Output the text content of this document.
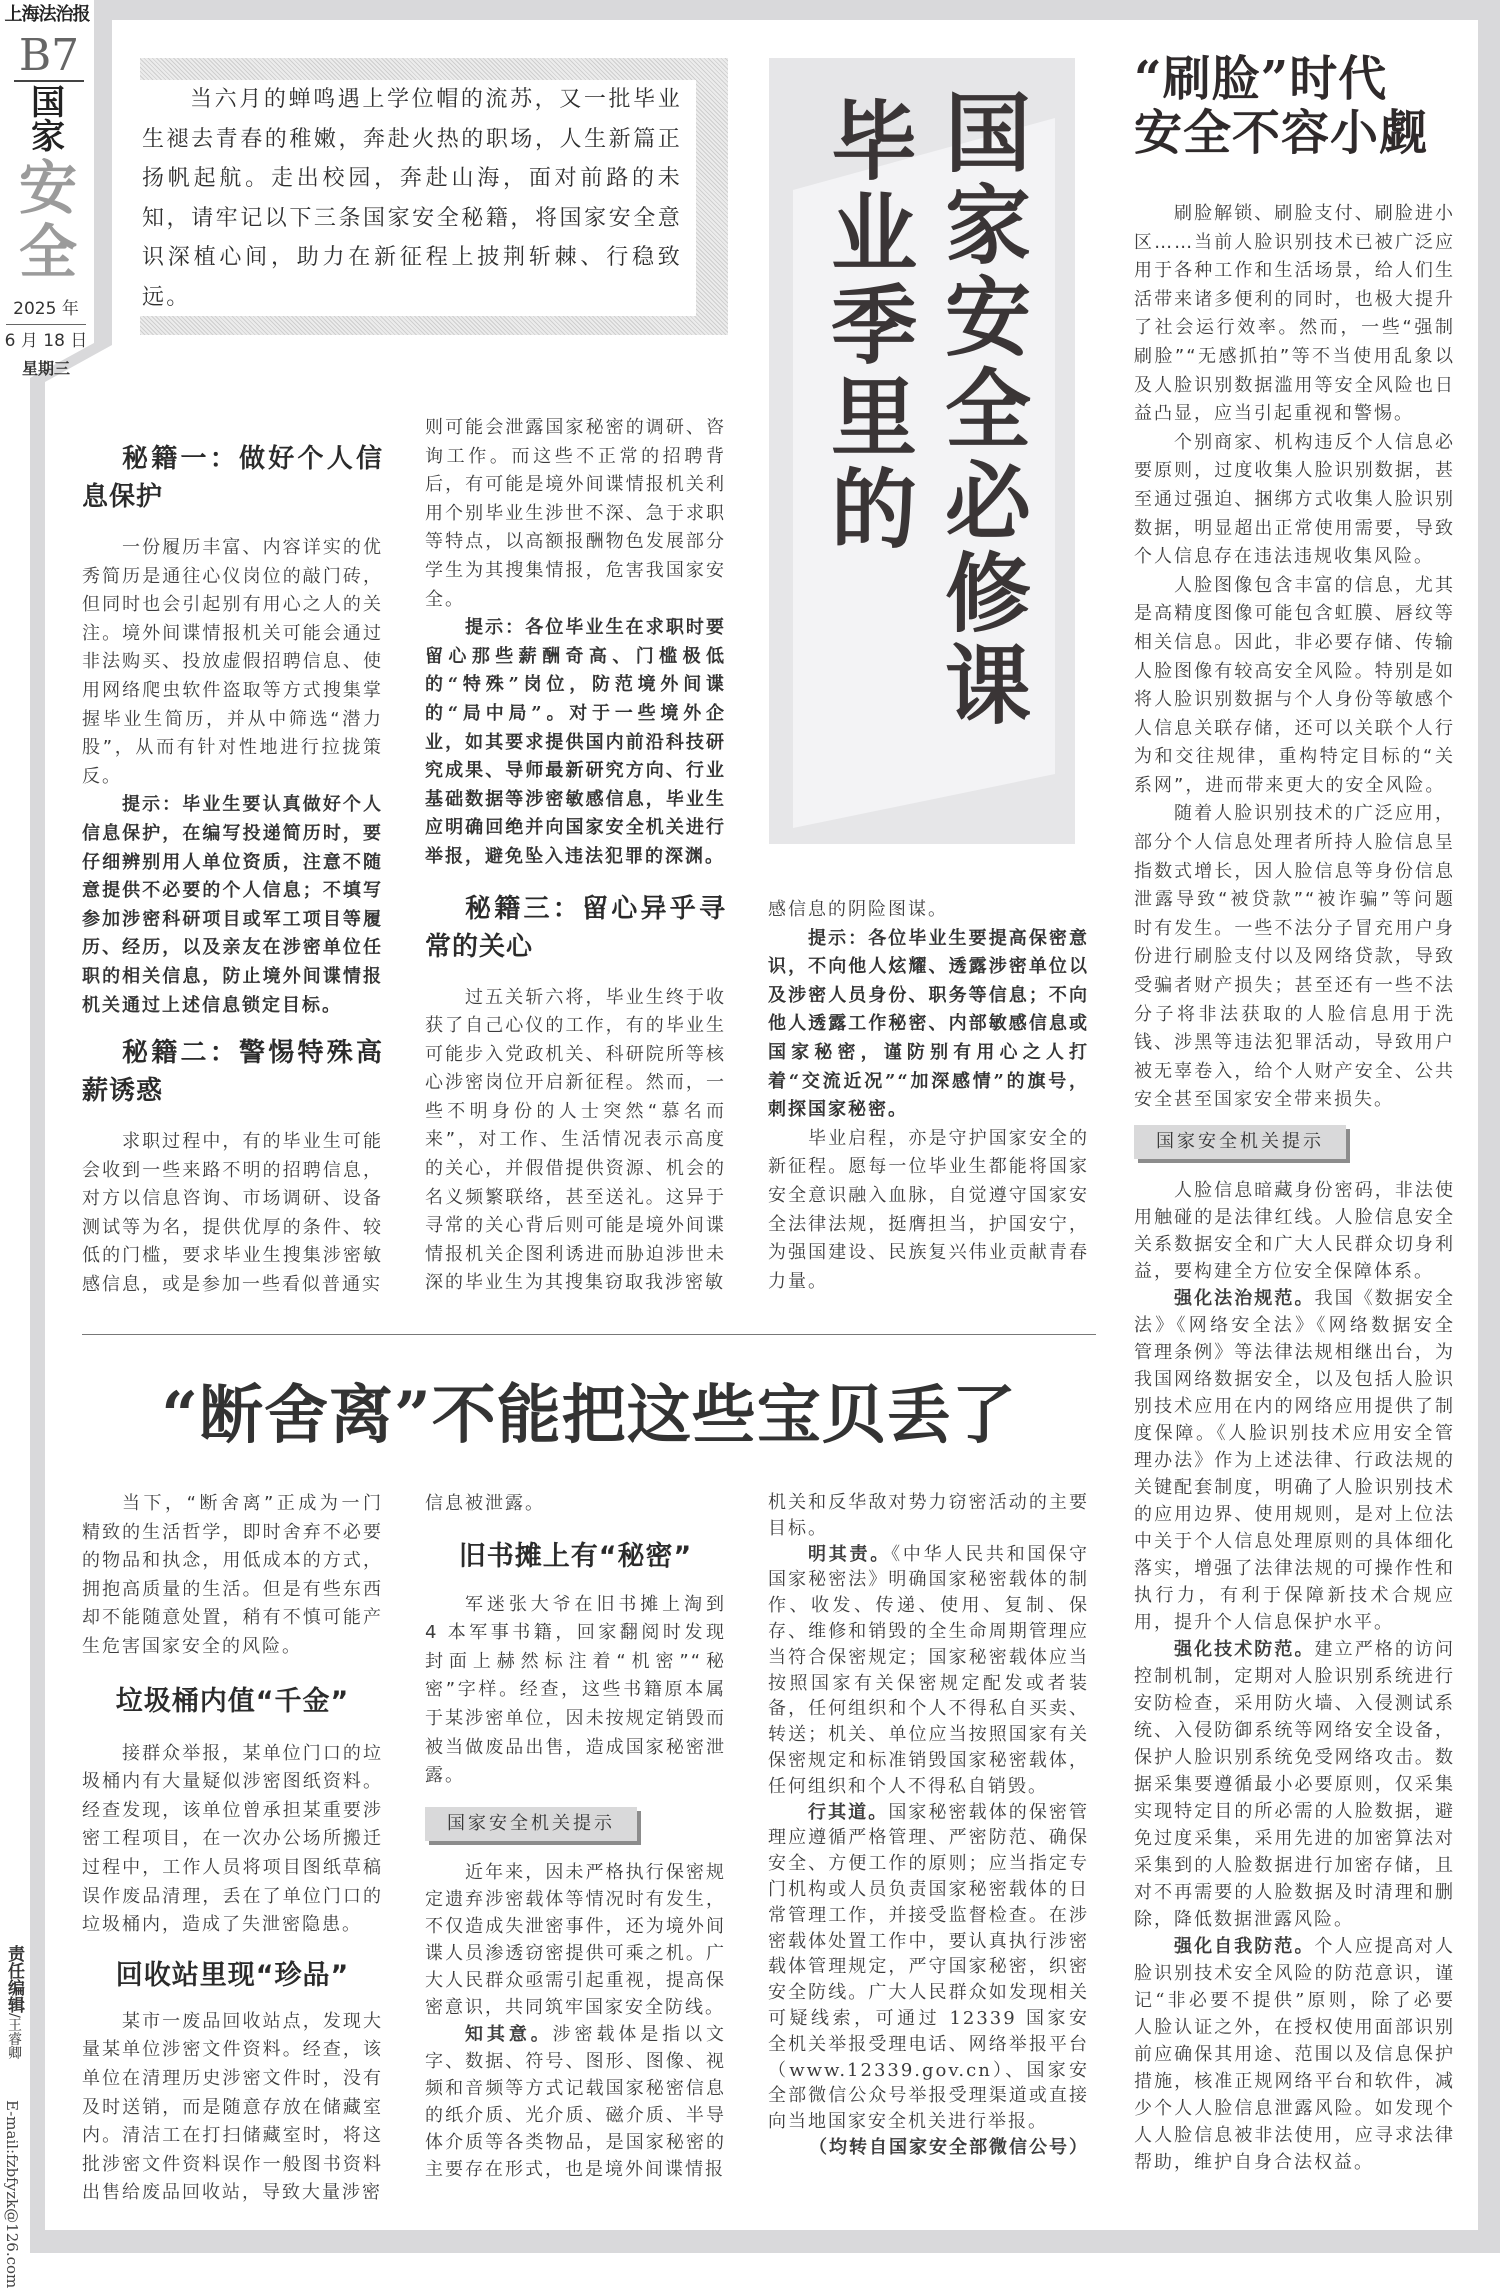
上海法治报
B7
国家
安全
2025 年
6 月 18 日
星期三
责任编辑/王睿卿
E-mail:fzbfyzk@126.com

当六月的蝉鸣遇上学位帽的流苏，又一批毕业生褪去青春的稚嫩，奔赴火热的职场，人生新篇正扬帆起航。走出校园，奔赴山海，面对前路的未知，请牢记以下三条国家安全秘籍，将国家安全意识深植心间，助力在新征程上披荆斩棘、行稳致远。	国家安全必修课
毕业季里的
秘籍一：做好个人信息保护

一份履历丰富、内容详实的优秀简历是通往心仪岗位的敲门砖，但同时也会引起别有用心之人的关注。境外间谍情报机关可能会通过非法购买、投放虚假招聘信息、使用网络爬虫软件盗取等方式搜集掌握毕业生简历，并从中筛选“潜力股”，从而有针对性地进行拉拢策反。

提示：毕业生要认真做好个人信息保护，在编写投递简历时，要仔细辨别用人单位资质，注意不随意提供不必要的个人信息；不填写参加涉密科研项目或军工项目等履历、经历，以及亲友在涉密单位任职的相关信息，防止境外间谍情报机关通过上述信息锁定目标。

秘籍二：警惕特殊高薪诱惑

求职过程中，有的毕业生可能会收到一些来路不明的招聘信息，对方以信息咨询、市场调研、设备测试等为名，提供优厚的条件、较低的门槛，要求毕业生搜集涉密敏感信息，或是参加一些看似普通实

则可能会泄露国家秘密的调研、咨询工作。而这些不正常的招聘背后，有可能是境外间谍情报机关利用个别毕业生涉世不深、急于求职等特点，以高额报酬物色发展部分学生为其搜集情报，危害我国家安全。

提示：各位毕业生在求职时要留心那些薪酬奇高、门槛极低的“特殊”岗位，防范境外间谍的“局中局”。对于一些境外企业，如其要求提供国内前沿科技研究成果、导师最新研究方向、行业基础数据等涉密敏感信息，毕业生应明确回绝并向国家安全机关进行举报，避免坠入违法犯罪的深渊。

秘籍三：留心异乎寻常的关心

过五关斩六将，毕业生终于收获了自己心仪的工作，有的毕业生可能步入党政机关、科研院所等核心涉密岗位开启新征程。然而，一些不明身份的人士突然“慕名而来”，对工作、生活情况表示高度的关心，并假借提供资源、机会的名义频繁联络，甚至送礼。这异于寻常的关心背后则可能是境外间谍情报机关企图利诱进而胁迫涉世未深的毕业生为其搜集窃取我涉密敏

感信息的阴险图谋。

提示：各位毕业生要提高保密意识，不向他人炫耀、透露涉密单位以及涉密人员身份、职务等信息；不向他人透露工作秘密、内部敏感信息或国家秘密，谨防别有用心之人打着“交流近况”“加深感情”的旗号，刺探国家秘密。

毕业启程，亦是守护国家安全的新征程。愿每一位毕业生都能将国家安全意识融入血脉，自觉遵守国家安全法律法规，挺膺担当，护国安宁，为强国建设、民族复兴伟业贡献青春力量。

“刷脸”时代
安全不容小觑

刷脸解锁、刷脸支付、刷脸进小区……当前人脸识别技术已被广泛应用于各种工作和生活场景，给人们生活带来诸多便利的同时，也极大提升了社会运行效率。然而，一些“强制刷脸”“无感抓拍”等不当使用乱象以及人脸识别数据滥用等安全风险也日益凸显，应当引起重视和警惕。

个别商家、机构违反个人信息必要原则，过度收集人脸识别数据，甚至通过强迫、捆绑方式收集人脸识别数据，明显超出正常使用需要，导致个人信息存在违法违规收集风险。

人脸图像包含丰富的信息，尤其是高精度图像可能包含虹膜、唇纹等相关信息。因此，非必要存储、传输人脸图像有较高安全风险。特别是如将人脸识别数据与个人身份等敏感个人信息关联存储，还可以关联个人行为和交往规律，重构特定目标的“关系网”，进而带来更大的安全风险。

随着人脸识别技术的广泛应用，部分个人信息处理者所持人脸信息呈指数式增长，因人脸信息等身份信息泄露导致“被贷款”“被诈骗”等问题时有发生。一些不法分子冒充用户身份进行刷脸支付以及网络贷款，导致受骗者财产损失；甚至还有一些不法分子将非法获取的人脸信息用于洗钱、涉黑等违法犯罪活动，导致用户被无辜卷入，给个人财产安全、公共安全甚至国家安全带来损失。

国家安全机关提示

人脸信息暗藏身份密码，非法使用触碰的是法律红线。人脸信息安全关系数据安全和广大人民群众切身利益，要构建全方位安全保障体系。

强化法治规范。我国《数据安全法》《网络安全法》《网络数据安全管理条例》等法律法规相继出台，为我国网络数据安全，以及包括人脸识别技术应用在内的网络应用提供了制度保障。《人脸识别技术应用安全管理办法》作为上述法律、行政法规的关键配套制度，明确了人脸识别技术的应用边界、使用规则，是对上位法中关于个人信息处理原则的具体细化落实，增强了法律法规的可操作性和执行力，有利于保障新技术合规应用，提升个人信息保护水平。

强化技术防范。建立严格的访问控制机制，定期对人脸识别系统进行安防检查，采用防火墙、入侵测试系统、入侵防御系统等网络安全设备，保护人脸识别系统免受网络攻击。数据采集要遵循最小必要原则，仅采集实现特定目的所必需的人脸数据，避免过度采集，采用先进的加密算法对采集到的人脸数据进行加密存储，且对不再需要的人脸数据及时清理和删除，降低数据泄露风险。

强化自我防范。个人应提高对人脸识别技术安全风险的防范意识，谨记“非必要不提供”原则，除了必要人脸认证之外，在授权使用面部识别前应确保其用途、范围以及信息保护措施，核准正规网络平台和软件，减少个人人脸信息泄露风险。如发现个人人脸信息被非法使用，应寻求法律帮助，维护自身合法权益。

“断舍离”不能把这些宝贝丢了

当下，“断舍离”正成为一门精致的生活哲学，即时舍弃不必要的物品和执念，用低成本的方式，拥抱高质量的生活。但是有些东西却不能随意处置，稍有不慎可能产生危害国家安全的风险。

垃圾桶内值“千金”

接群众举报，某单位门口的垃圾桶内有大量疑似涉密图纸资料。经查发现，该单位曾承担某重要涉密工程项目，在一次办公场所搬迁过程中，工作人员将项目图纸草稿误作废品清理，丢在了单位门口的垃圾桶内，造成了失泄密隐患。

回收站里现“珍品”

某市一废品回收站点，发现大量某单位涉密文件资料。经查，该单位在清理历史涉密文件时，没有及时送销，而是随意存放在储藏室内。清洁工在打扫储藏室时，将这批涉密文件资料误作一般图书资料出售给废品回收站，导致大量涉密

信息被泄露。

旧书摊上有“秘密”

军迷张大爷在旧书摊上淘到 4 本军事书籍，回家翻阅时发现封面上赫然标注着“机密”“秘密”字样。经查，这些书籍原本属于某涉密单位，因未按规定销毁而被当做废品出售，造成国家秘密泄露。

国家安全机关提示

近年来，因未严格执行保密规定遗弃涉密载体等情况时有发生，不仅造成失泄密事件，还为境外间谍人员渗透窃密提供可乘之机。广大人民群众亟需引起重视，提高保密意识，共同筑牢国家安全防线。

知其意。涉密载体是指以文字、数据、符号、图形、图像、视频和音频等方式记载国家秘密信息的纸介质、光介质、磁介质、半导体介质等各类物品，是国家秘密的主要存在形式，也是境外间谍情报

机关和反华敌对势力窃密活动的主要目标。

明其责。《中华人民共和国保守国家秘密法》明确国家秘密载体的制作、收发、传递、使用、复制、保存、维修和销毁的全生命周期管理应当符合保密规定；国家秘密载体应当按照国家有关保密规定配发或者装备，任何组织和个人不得私自买卖、转送；机关、单位应当按照国家有关保密规定和标准销毁国家秘密载体，任何组织和个人不得私自销毁。

行其道。国家秘密载体的保密管理应遵循严格管理、严密防范、确保安全、方便工作的原则；应当指定专门机构或人员负责国家秘密载体的日常管理工作，并接受监督检查。在涉密载体处置工作中，要认真执行涉密载体管理规定，严守国家秘密，织密安全防线。广大人民群众如发现相关可疑线索，可通过 12339 国家安全机关举报受理电话、网络举报平台（www.12339.gov.cn）、国家安全部微信公众号举报受理渠道或直接向当地国家安全机关进行举报。

（均转自国家安全部微信公号）
